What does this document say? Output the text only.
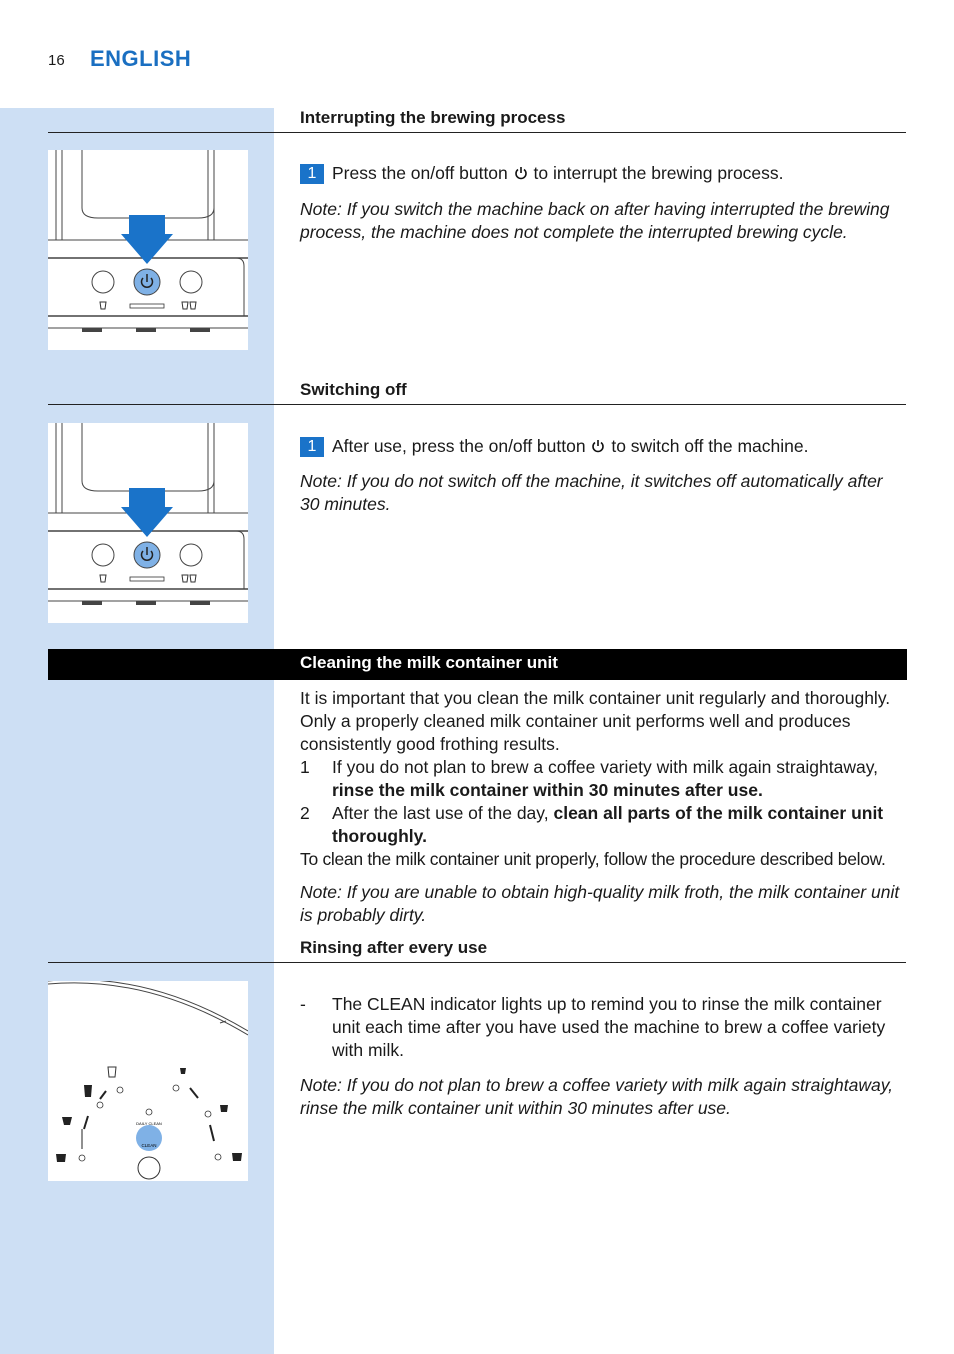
16 ENGLISH
Interrupting the brewing process
1 Press the on/off button to interrupt the brewing process.
Note: If you switch the machine back on after having interrupted the brewing process, the machine does not complete the interrupted brewing cycle.
Switching off
1 After use, press the on/off button to switch off the machine.
Note: If you do not switch off the machine, it switches off automatically after 30 minutes.
Cleaning the milk container unit
It is important that you clean the milk container unit regularly and thoroughly. Only a properly cleaned milk container unit performs well and produces consistently good frothing results.
1 If you do not plan to brew a coffee variety with milk again straightaway, rinse the milk container within 30 minutes after use.
2 After the last use of the day, clean all parts of the milk container unit thoroughly.
To clean the milk container unit properly, follow the procedure described below.
Note: If you are unable to obtain high-quality milk froth, the milk container unit is probably dirty.
Rinsing after every use
DAILY CLEAN
CLEAN
- The CLEAN indicator lights up to remind you to rinse the milk container unit each time after you have used the machine to brew a coffee variety with milk.
Note: If you do not plan to brew a coffee variety with milk again straightaway, rinse the milk container unit within 30 minutes after use.
